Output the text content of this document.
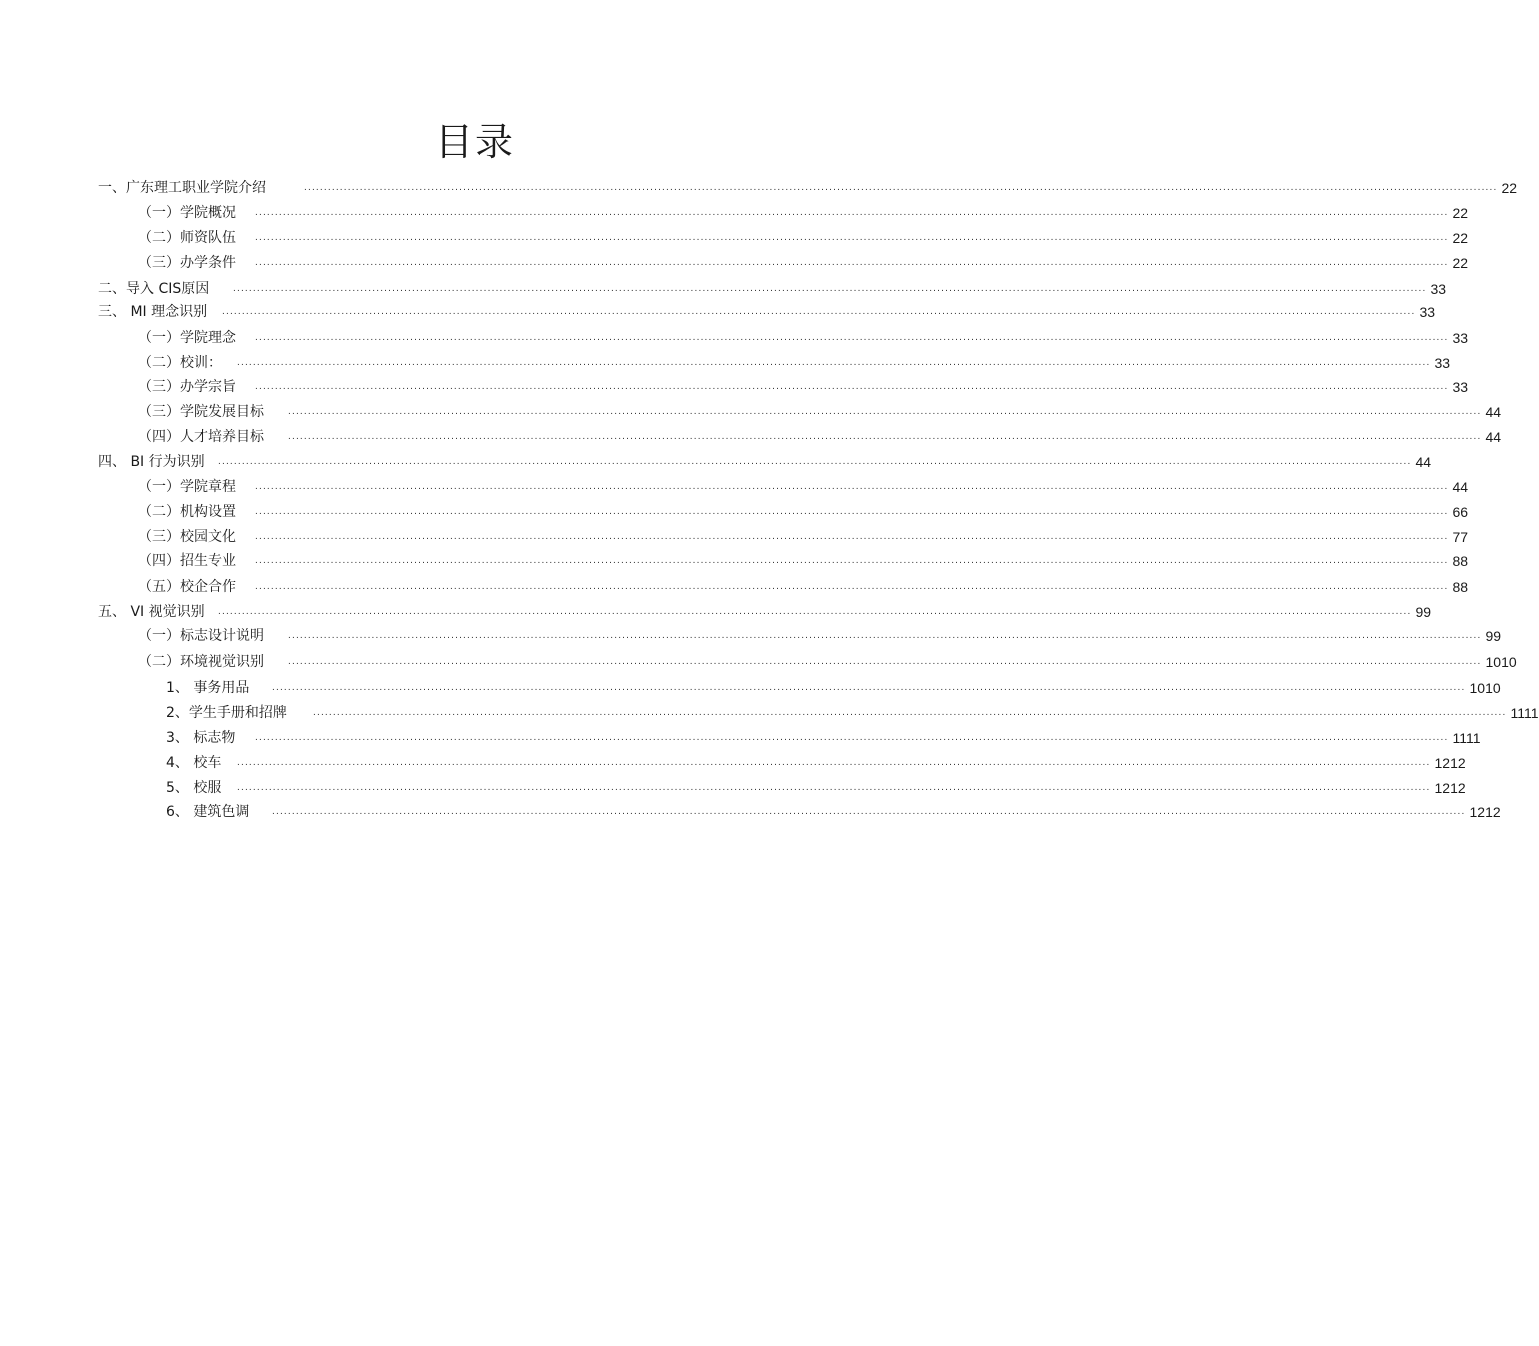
目录
一、广东理工职业学院介绍	............................................................................................................................................................................................................................................................................................................ 22
（一）学院概况	............................................................................................................................................................................................................................................................................................................ 22
（二）师资队伍	............................................................................................................................................................................................................................................................................................................ 22
（三）办学条件	............................................................................................................................................................................................................................................................................................................ 22
二、导入 CIS原因	............................................................................................................................................................................................................................................................................................................ 33
三、 MI 理念识别	............................................................................................................................................................................................................................................................................................................ 33
（一）学院理念	............................................................................................................................................................................................................................................................................................................ 33
（二）校训：	............................................................................................................................................................................................................................................................................................................ 33
（三）办学宗旨	............................................................................................................................................................................................................................................................................................................ 33
（三）学院发展目标	............................................................................................................................................................................................................................................................................................................ 44
（四）人才培养目标	............................................................................................................................................................................................................................................................................................................ 44
四、 BI 行为识别	............................................................................................................................................................................................................................................................................................................ 44
（一）学院章程	............................................................................................................................................................................................................................................................................................................ 44
（二）机构设置	............................................................................................................................................................................................................................................................................................................ 66
（三）校园文化	............................................................................................................................................................................................................................................................................................................ 77
（四）招生专业	............................................................................................................................................................................................................................................................................................................ 88
（五）校企合作	............................................................................................................................................................................................................................................................................................................ 88
五、 VI 视觉识别	............................................................................................................................................................................................................................................................................................................ 99
（一）标志设计说明	............................................................................................................................................................................................................................................................................................................ 99
（二）环境视觉识别	............................................................................................................................................................................................................................................................................................................ 1010
1、 事务用品	............................................................................................................................................................................................................................................................................................................ 1010
2、学生手册和招牌	............................................................................................................................................................................................................................................................................................................ 1111
3、 标志物	............................................................................................................................................................................................................................................................................................................ 1111
4、 校车	............................................................................................................................................................................................................................................................................................................ 1212
5、 校服	............................................................................................................................................................................................................................................................................................................ 1212
6、 建筑色调	............................................................................................................................................................................................................................................................................................................ 1212
